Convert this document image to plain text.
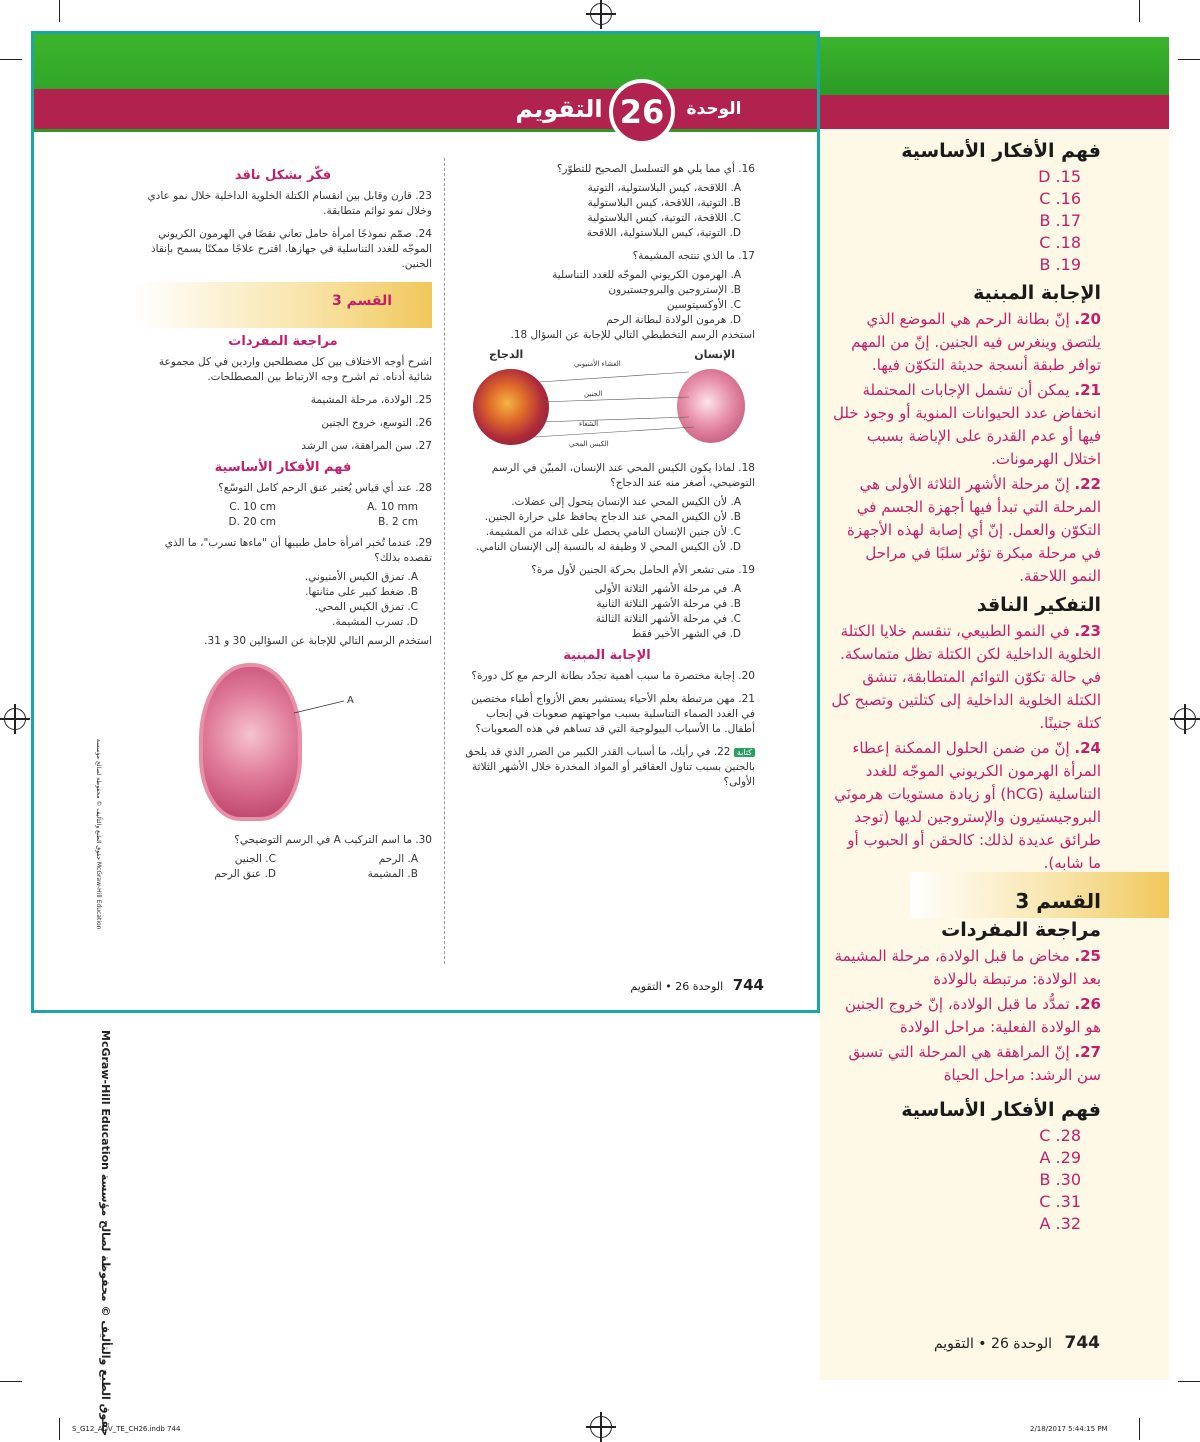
فهم الأفكار الأساسية
15. D
16. C
17. B
18. C
19. B
الإجابة المبنية
20. إنّ بطانة الرحم هي الموضع الذي يلتصق وينغرس فيه الجنين. إنّ من المهم توافر طبقة أنسجة حديثة التكوّن فيها.
21. يمكن أن تشمل الإجابات المحتملة انخفاض عدد الحيوانات المنوية أو وجود خلل فيها أو عدم القدرة على الإباضة بسبب اختلال الهرمونات.
22. إنّ مرحلة الأشهر الثلاثة الأولى هي المرحلة التي تبدأ فيها أجهزة الجسم في التكوّن والعمل. إنّ أي إصابة لهذه الأجهزة في مرحلة مبكرة تؤثر سلبًا في مراحل النمو اللاحقة.
التفكير الناقد
23. في النمو الطبيعي، تنقسم خلايا الكتلة الخلوية الداخلية لكن الكتلة تظل متماسكة. في حالة تكوّن التوائم المتطابقة، تنشق الكتلة الخلوية الداخلية إلى كتلتين وتصبح كل كتلة جنينًا.
24. إنّ من ضمن الحلول الممكنة إعطاء المرأة الهرمون الكريوني الموجّه للغدد التناسلية (hCG) أو زيادة مستويات هرمونَي البروجيستيرون والإستروجين لديها (توجد طرائق عديدة لذلك: كالحقن أو الحبوب أو ما شابه).
القسم 3
مراجعة المفردات
25. مخاض ما قبل الولادة، مرحلة المشيمة بعد الولادة: مرتبطة بالولادة
26. تمدُّد ما قبل الولادة، إنّ خروج الجنين هو الولادة الفعلية: مراحل الولادة
27. إنّ المراهقة هي المرحلة التي تسبق سن الرشد: مراحل الحياة
فهم الأفكار الأساسية
28. C
29. A
30. B
31. C
32. A
McGraw-Hill Education حقوق الطبع والتأليف © محفوظة لصالح مؤسسة	744 الوحدة 26 • التقويم
S_G12_ADV_TE_CH26.indb 744	2/18/2017 5:44:15 PM
التقويم 26	الوحدة
16. أي مما يلي هو التسلسل الصحيح للتطوّر؟
A. اللاقحة، كيس البلاستولية، التوتية
B. التوتية، اللاقحة، كيس البلاستولية
C. اللاقحة، التوتية، كيس البلاستولية
D. التوتية، كيس البلاستولية، اللاقحة
17. ما الذي تنتجه المشيمة؟
A. الهرمون الكريوني الموجّه للغدد التناسلية
B. الإستروجين والبروجستيرون
C. الأوكسيتوسين
D. هرمون الولادة لبطانة الرحم
استخدم الرسم التخطيطي التالي للإجابة عن السؤال 18.
الإنسان
الدجاج
الغشاء الأمنيوني
الجنين
الشغاء
الكيس المحي
18. لماذا يكون الكيس المحي عند الإنسان، المبيّن في الرسم التوضيحي، أصغر منه عند الدجاج؟
A. لأن الكيس المحي عند الإنسان يتحول إلى عضلات.
B. لأن الكيس المحي عند الدجاج يحافظ على حرارة الجنين.
C. لأن جنين الإنسان النامي يحصل على غذائه من المشيمة.
D. لأن الكيس المحي لا وظيفة له بالنسبة إلى الإنسان النامي.
19. متى تشعر الأم الحامل بحركة الجنين لأول مرة؟
A. في مرحلة الأشهر الثلاثة الأولى
B. في مرحلة الأشهر الثلاثة الثانية
C. في مرحلة الأشهر الثلاثة الثالثة
D. في الشهر الأخير فقط
الإجابة المبنية
20. إجابة مختصرة ما سبب أهمية تجدّد بطانة الرحم مع كل دورة؟
21. مهن مرتبطة بعلم الأحياء يستشير بعض الأزواج أطباء مختصين في الغدد الصماء التناسلية بسبب مواجهتهم صعوبات في إنجاب أطفال. ما الأسباب البيولوجية التي قد تساهم في هذه الصعوبات؟
كتابة 22. في رأيك، ما أسباب القدر الكبير من الضرر الذي قد يلحق بالجنين بسبب تناول العقاقير أو المواد المخدرة خلال الأشهر الثلاثة الأولى؟
فكّر بشكل ناقد
23. قارن وقابل بين انقسام الكتلة الخلوية الداخلية خلال نمو عادي وخلال نمو توائم متطابقة.
24. صمّم نموذجًا امرأة حامل تعاني نقصًا في الهرمون الكريوني الموجّه للغدد التناسلية في جهازها. اقترح علاجًا ممكنًا يسمح بإنقاذ الجنين.
القسم 3
مراجعة المفردات
اشرح أوجه الاختلاف بين كل مصطلحين واردين في كل مجموعة شائية أدناه. ثم اشرح وجه الارتباط بين المصطلحات.
25. الولادة، مرحلة المشيمة
26. التوسع، خروج الجنين
27. سن المراهقة، سن الرشد
فهم الأفكار الأساسية
28. عند أي قياس يُعتبر عنق الرحم كامل التوسّع؟
A. 10 mm
C. 10 cm
B. 2 cm
D. 20 cm
29. عندما تُخبر امرأة حامل طبيبها أن "ماءها تسرب"، ما الذي تقصده بذلك؟
A. تمزق الكيس الأمنيوني.
B. ضغط كبير على مثانتها.
C. تمزق الكيس المحي.
D. تسرب المشيمة.
استخدم الرسم التالي للإجابة عن السؤالين 30 و 31.
A
30. ما اسم التركيب A في الرسم التوضيحي؟
A. الرحم
C. الجنين
B. المشيمة
D. عنق الرحم
حقوق الطبع والتأليف © محفوظة لصالح مؤسسة McGraw-Hill Education
744 الوحدة 26 • التقويم
